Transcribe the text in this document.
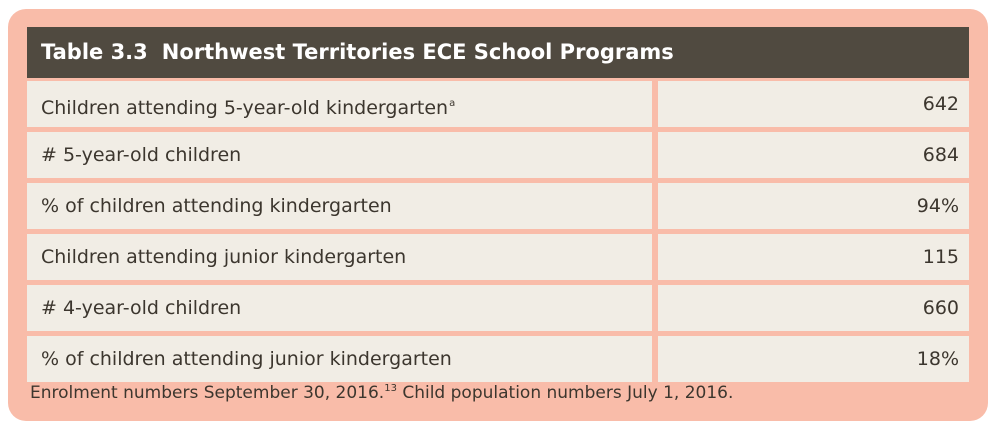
Table 3.3 Northwest Territories ECE School Programs
Children attending 5-year-old kindergarten$^a$	642
# 5-year-old children	684
% of children attending kindergarten	94%
Children attending junior kindergarten	115
# 4-year-old children	660
% of children attending junior kindergarten	18%
Enrolment numbers September 30, 2016.13 Child population numbers July 1, 2016.
